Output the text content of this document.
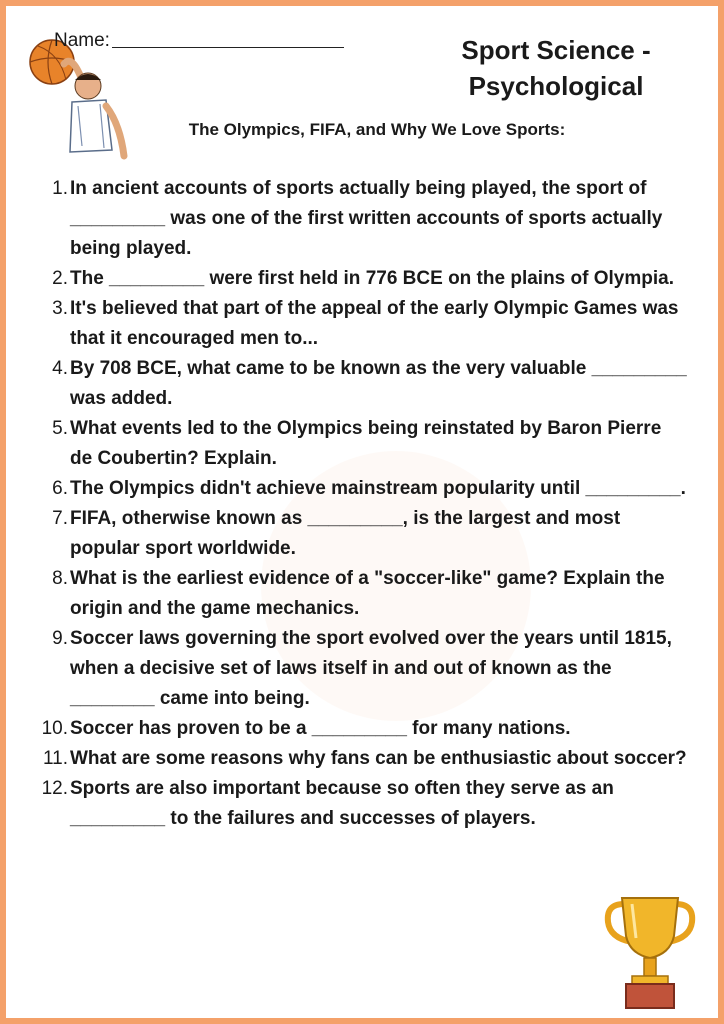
Name:	Sport Science -
Psychological
The Olympics, FIFA, and Why We Love Sports:
1. In ancient accounts of sports actually being played, the sport of _________ was one of the first written accounts of sports actually being played.
2. The _________ were first held in 776 BCE on the plains of Olympia.
3. It's believed that part of the appeal of the early Olympic Games was that it encouraged men to...
4. By 708 BCE, what came to be known as the very valuable _________ was added.
5. What events led to the Olympics being reinstated by Baron Pierre de Coubertin? Explain.
6. The Olympics didn't achieve mainstream popularity until _________.
7. FIFA, otherwise known as _________, is the largest and most popular sport worldwide.
8. What is the earliest evidence of a "soccer-like" game? Explain the origin and the game mechanics.
9. Soccer laws governing the sport evolved over the years until 1815, when a decisive set of laws itself in and out of known as the ________ came into being.
10. Soccer has proven to be a _________ for many nations.
11. What are some reasons why fans can be enthusiastic about soccer?
12. Sports are also important because so often they serve as an _________ to the failures and successes of players.
